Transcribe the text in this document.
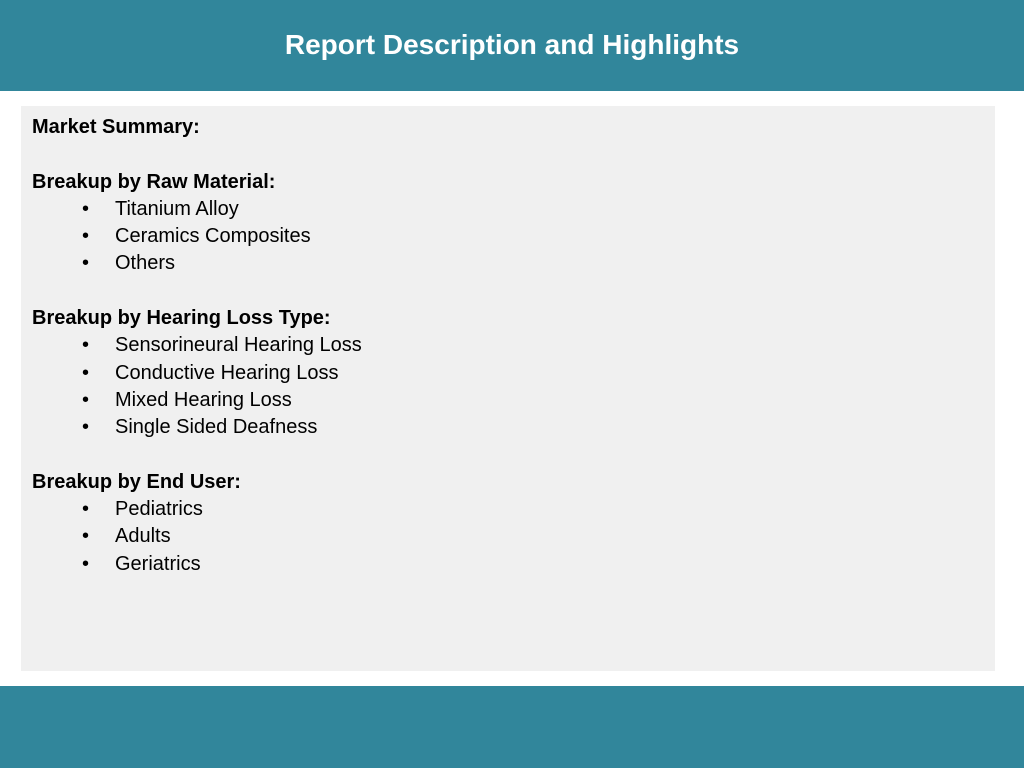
Report Description and Highlights
Market Summary:
Breakup by Raw Material:
• Titanium Alloy
• Ceramics Composites
• Others
Breakup by Hearing Loss Type:
• Sensorineural Hearing Loss
• Conductive Hearing Loss
• Mixed Hearing Loss
• Single Sided Deafness
Breakup by End User:
• Pediatrics
• Adults
• Geriatrics
